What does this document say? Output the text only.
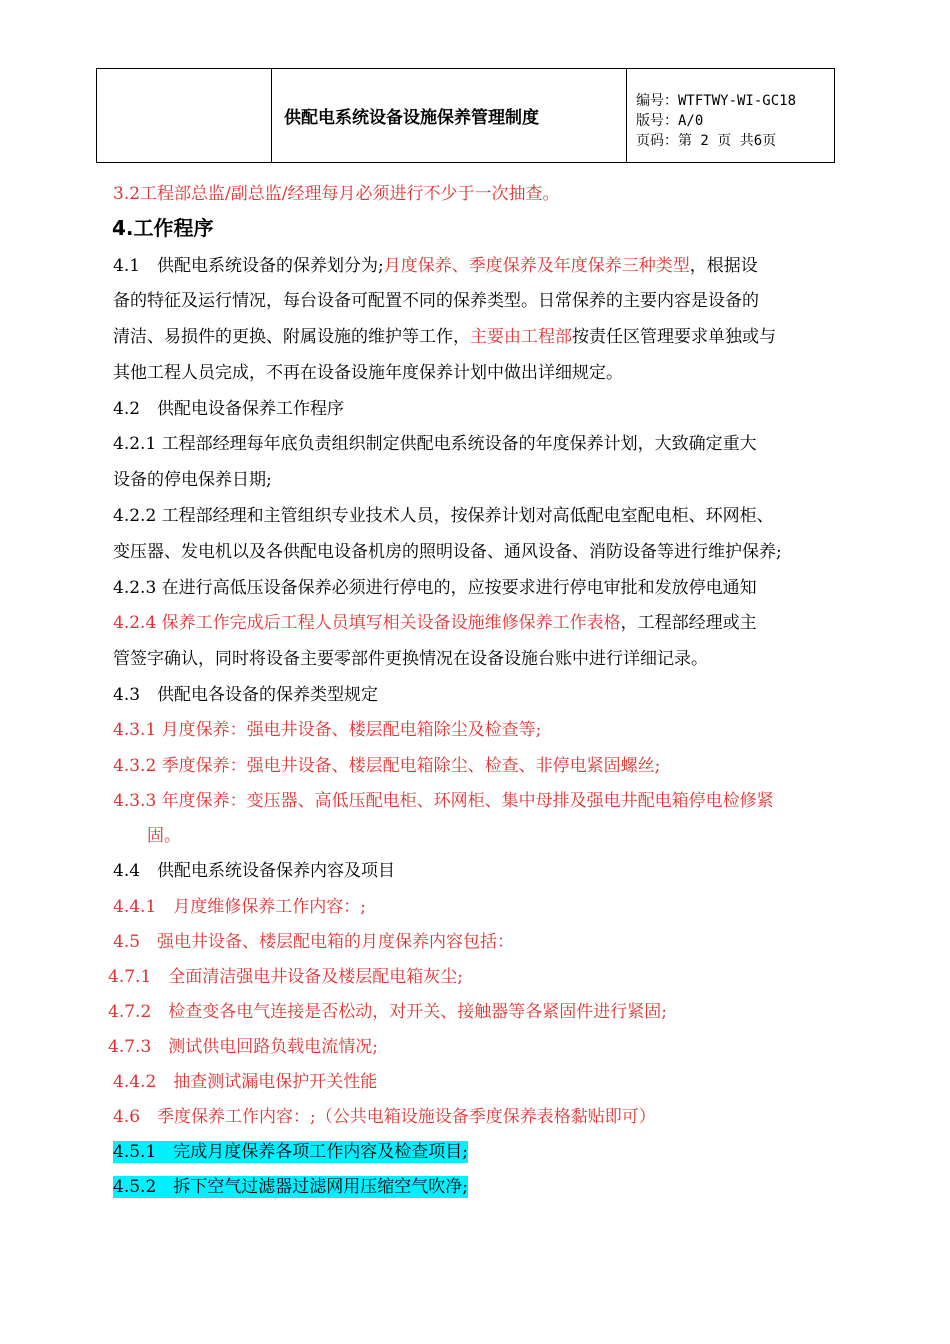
供配电系统设备设施保养管理制度
编号：WTFTWY-WI-GC18
版号：A/0
页码：第 2 页 共6页
3.2工程部总监/副总监/经理每月必须进行不少于一次抽查。
4.工作程序
4.1　供配电系统设备的保养划分为;月度保养、季度保养及年度保养三种类型，根据设
备的特征及运行情况，每台设备可配置不同的保养类型。日常保养的主要内容是设备的
清洁、易损件的更换、附属设施的维护等工作，主要由工程部按责任区管理要求单独或与
其他工程人员完成，不再在设备设施年度保养计划中做出详细规定。
4.2　供配电设备保养工作程序
4.2.1 工程部经理每年底负责组织制定供配电系统设备的年度保养计划，大致确定重大
设备的停电保养日期;
4.2.2 工程部经理和主管组织专业技术人员，按保养计划对高低配电室配电柜、环网柜、
变压器、发电机以及各供配电设备机房的照明设备、通风设备、消防设备等进行维护保养;
4.2.3 在进行高低压设备保养必须进行停电的，应按要求进行停电审批和发放停电通知
4.2.4 保养工作完成后工程人员填写相关设备设施维修保养工作表格，工程部经理或主
管签字确认，同时将设备主要零部件更换情况在设备设施台账中进行详细记录。
4.3　供配电各设备的保养类型规定
4.3.1 月度保养：强电井设备、楼层配电箱除尘及检查等;
4.3.2 季度保养：强电井设备、楼层配电箱除尘、检查、非停电紧固螺丝;
4.3.3 年度保养：变压器、高低压配电柜、环网柜、集中母排及强电井配电箱停电检修紧
固。
4.4　供配电系统设备保养内容及项目
4.4.1　月度维修保养工作内容：;
4.5　强电井设备、楼层配电箱的月度保养内容包括：
4.7.1　全面清洁强电井设备及楼层配电箱灰尘;
4.7.2　检查变各电气连接是否松动，对开关、接触器等各紧固件进行紧固;
4.7.3　测试供电回路负载电流情况;
4.4.2　抽查测试漏电保护开关性能
4.6　季度保养工作内容：;（公共电箱设施设备季度保养表格黏贴即可）
4.5.1　完成月度保养各项工作内容及检查项目;
4.5.2　拆下空气过滤器过滤网用压缩空气吹净;
